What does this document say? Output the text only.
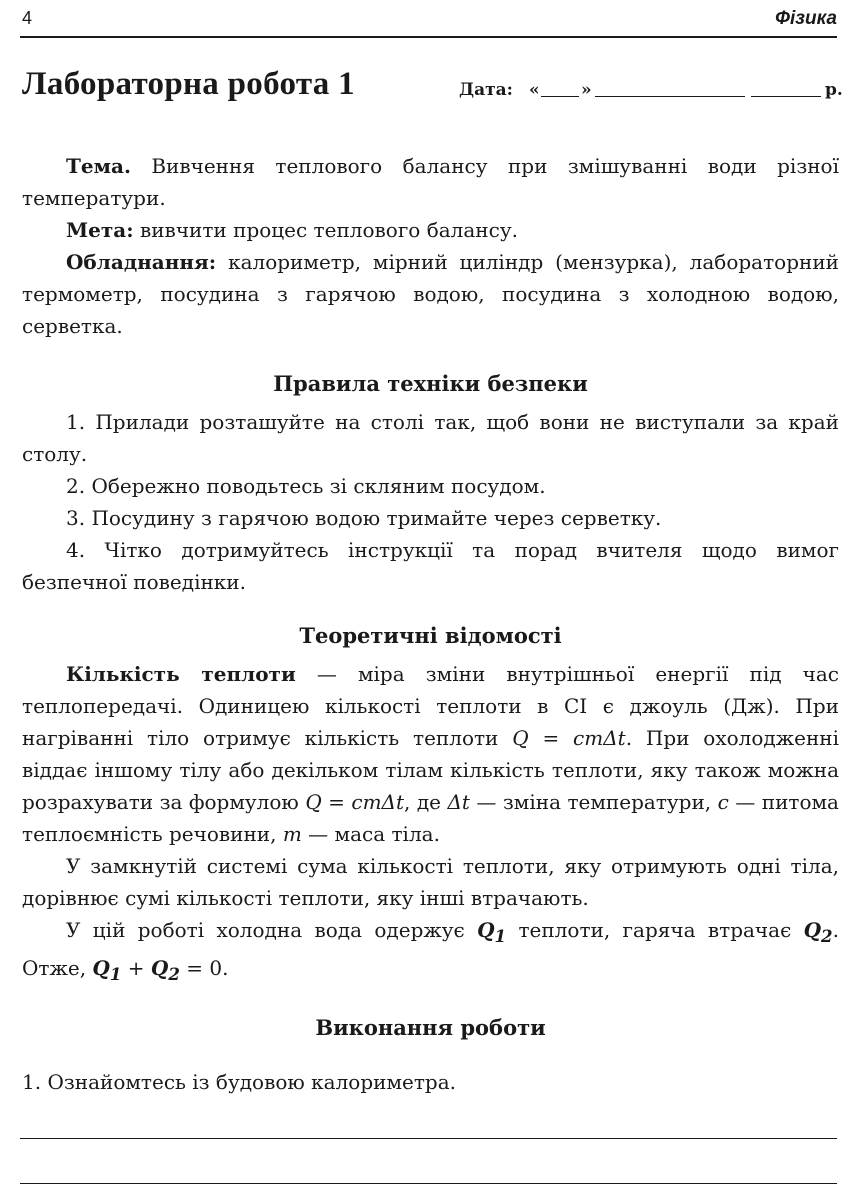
4	Фізика
Лабораторна робота 1	Дата: « »	р.

Тема. Вивчення теплового балансу при змішуванні води різної температури.

Мета: вивчити процес теплового балансу.

Обладнання: калориметр, мірний циліндр (мензурка), лабораторний термометр, посудина з гарячою водою, посудина з холодною водою, серветка.

Правила техніки безпеки

1. Прилади розташуйте на столі так, щоб вони не виступали за край столу.

2. Обережно поводьтесь зі скляним посудом.

3. Посудину з гарячою водою тримайте через серветку.

4. Чітко дотримуйтесь інструкції та порад вчителя щодо вимог безпечної поведінки.

Теоретичні відомості

Кількість теплоти — міра зміни внутрішньої енергії під час теплопередачі. Одиницею кількості теплоти в СІ є джоуль (Дж). При нагріванні тіло отримує кількість теплоти Q = cmΔt. При охолодженні віддає іншому тілу або декільком тілам кількість теплоти, яку також можна розрахувати за формулою Q = cmΔt, де Δt — зміна температури, c — питома теплоємність речовини, m — маса тіла.

У замкнутій системі сума кількості теплоти, яку отримують одні тіла, дорівнює сумі кількості теплоти, яку інші втрачають.

У цій роботі холодна вода одержує $Q_1$ теплоти, гаряча втрачає $Q_2$. Отже, $Q_1 + Q_2 = 0$.

Виконання роботи

1. Ознайомтесь із будовою калориметра.
